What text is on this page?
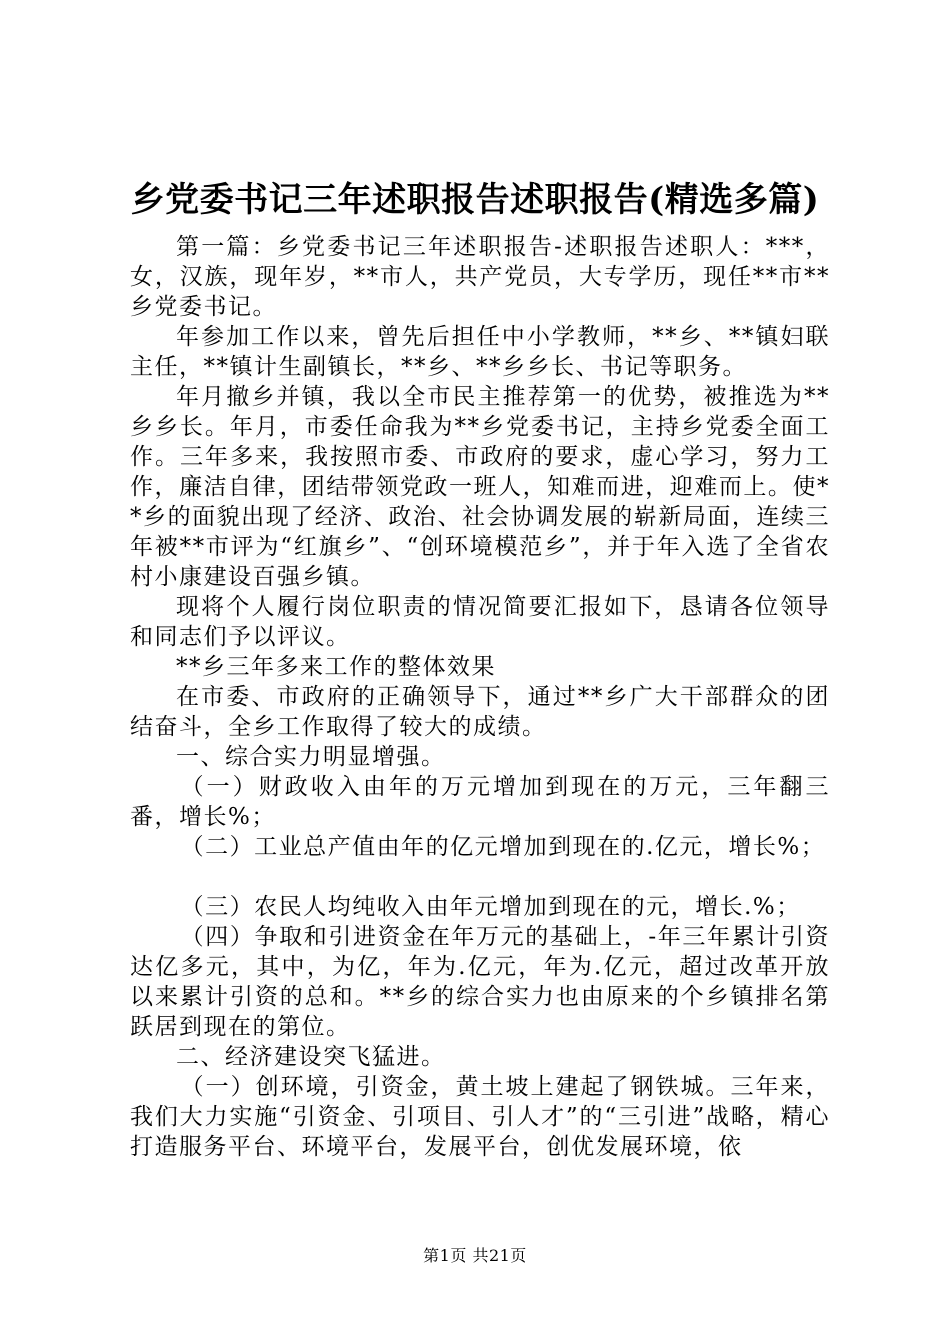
乡党委书记三年述职报告述职报告(精选多篇)

第一篇：乡党委书记三年述职报告-述职报告述职人：***，女，汉族，现年岁，**市人，共产党员，大专学历，现任**市**乡党委书记。

年参加工作以来，曾先后担任中小学教师，**乡、**镇妇联主任，**镇计生副镇长，**乡、**乡乡长、书记等职务。

年月撤乡并镇，我以全市民主推荐第一的优势，被推选为**乡乡长。年月，市委任命我为**乡党委书记，主持乡党委全面工作。三年多来，我按照市委、市政府的要求，虚心学习，努力工作，廉洁自律，团结带领党政一班人，知难而进，迎难而上。使**乡的面貌出现了经济、政治、社会协调发展的崭新局面，连续三年被**市评为“红旗乡”、“创环境模范乡”，并于年入选了全省农村小康建设百强乡镇。

现将个人履行岗位职责的情况简要汇报如下，恳请各位领导和同志们予以评议。

**乡三年多来工作的整体效果

在市委、市政府的正确领导下，通过**乡广大干部群众的团结奋斗，全乡工作取得了较大的成绩。

一、综合实力明显增强。

（一）财政收入由年的万元增加到现在的万元，三年翻三番，增长%；

（二）工业总产值由年的亿元增加到现在的.亿元，增长%；

（三）农民人均纯收入由年元增加到现在的元，增长.%；

（四）争取和引进资金在年万元的基础上，-年三年累计引资达亿多元，其中，为亿，年为.亿元，年为.亿元，超过改革开放以来累计引资的总和。**乡的综合实力也由原来的个乡镇排名第跃居到现在的第位。

二、经济建设突飞猛进。

（一）创环境，引资金，黄土坡上建起了钢铁城。三年来，我们大力实施“引资金、引项目、引人才”的“三引进”战略，精心打造服务平台、环境平台，发展平台，创优发展环境，依

第1页 共21页
